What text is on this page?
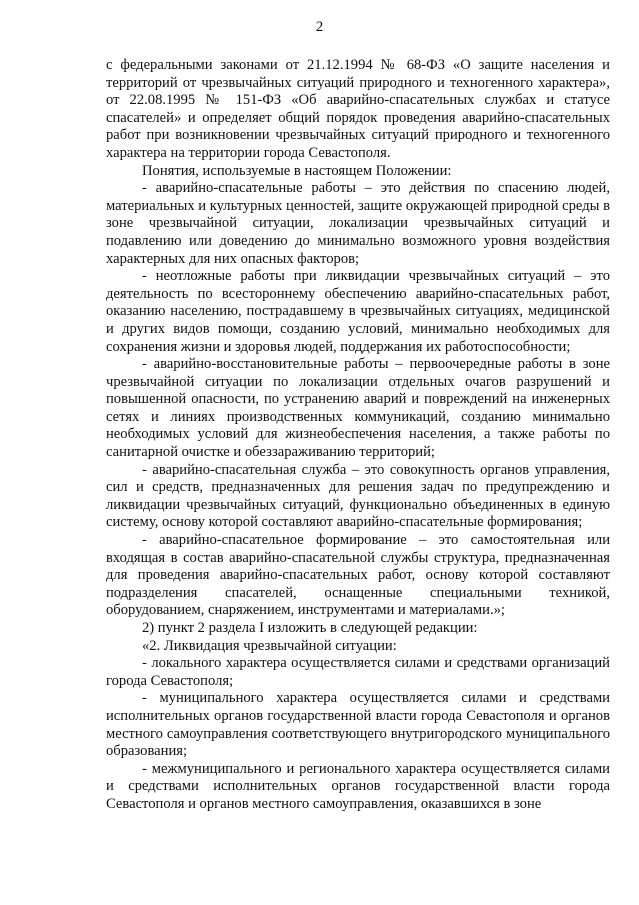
2

с федеральными законами от 21.12.1994 № 68-ФЗ «О защите населения и территорий от чрезвычайных ситуаций природного и техногенного характера», от 22.08.1995 № 151-ФЗ «Об аварийно-спасательных службах и статусе спасателей» и определяет общий порядок проведения аварийно-спасательных работ при возникновении чрезвычайных ситуаций природного и техногенного характера на территории города Севастополя.

Понятия, используемые в настоящем Положении:

- аварийно-спасательные работы – это действия по спасению людей, материальных и культурных ценностей, защите окружающей природной среды в зоне чрезвычайной ситуации, локализации чрезвычайных ситуаций и подавлению или доведению до минимально возможного уровня воздействия характерных для них опасных факторов;

- неотложные работы при ликвидации чрезвычайных ситуаций – это деятельность по всестороннему обеспечению аварийно-спасательных работ, оказанию населению, пострадавшему в чрезвычайных ситуациях, медицинской и других видов помощи, созданию условий, минимально необходимых для сохранения жизни и здоровья людей, поддержания их работоспособности;

- аварийно-восстановительные работы – первоочередные работы в зоне чрезвычайной ситуации по локализации отдельных очагов разрушений и повышенной опасности, по устранению аварий и повреждений на инженерных сетях и линиях производственных коммуникаций, созданию минимально необходимых условий для жизнеобеспечения населения, а также работы по санитарной очистке и обеззараживанию территорий;

- аварийно-спасательная служба – это совокупность органов управления, сил и средств, предназначенных для решения задач по предупреждению и ликвидации чрезвычайных ситуаций, функционально объединенных в единую систему, основу которой составляют аварийно-спасательные формирования;

- аварийно-спасательное формирование – это самостоятельная или входящая в состав аварийно-спасательной службы структура, предназначенная для проведения аварийно-спасательных работ, основу которой составляют подразделения спасателей, оснащенные специальными техникой, оборудованием, снаряжением, инструментами и материалами.»;

2) пункт 2 раздела I изложить в следующей редакции:

«2. Ликвидация чрезвычайной ситуации:

- локального характера осуществляется силами и средствами организаций города Севастополя;

- муниципального характера осуществляется силами и средствами исполнительных органов государственной власти города Севастополя и органов местного самоуправления соответствующего внутригородского муниципального образования;

- межмуниципального и регионального характера осуществляется силами и средствами исполнительных органов государственной власти города Севастополя и органов местного самоуправления, оказавшихся в зоне
